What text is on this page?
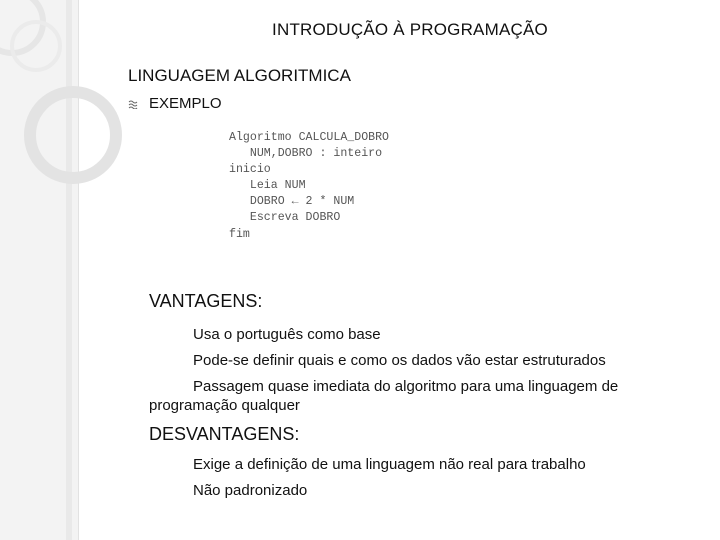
INTRODUÇÃO À PROGRAMAÇÃO
LINGUAGEM ALGORITMICA
EXEMPLO
Algoritmo CALCULA_DOBRO
NUM,DOBRO : inteiro
inicio
Leia NUM
DOBRO ← 2 * NUM
Escreva DOBRO
fim
VANTAGENS:
Usa o português como base
Pode-se definir quais e como os dados vão estar estruturados
Passagem quase imediata do algoritmo para uma linguagem de programação qualquer
DESVANTAGENS:
Exige a definição de uma linguagem não real para trabalho
Não padronizado
